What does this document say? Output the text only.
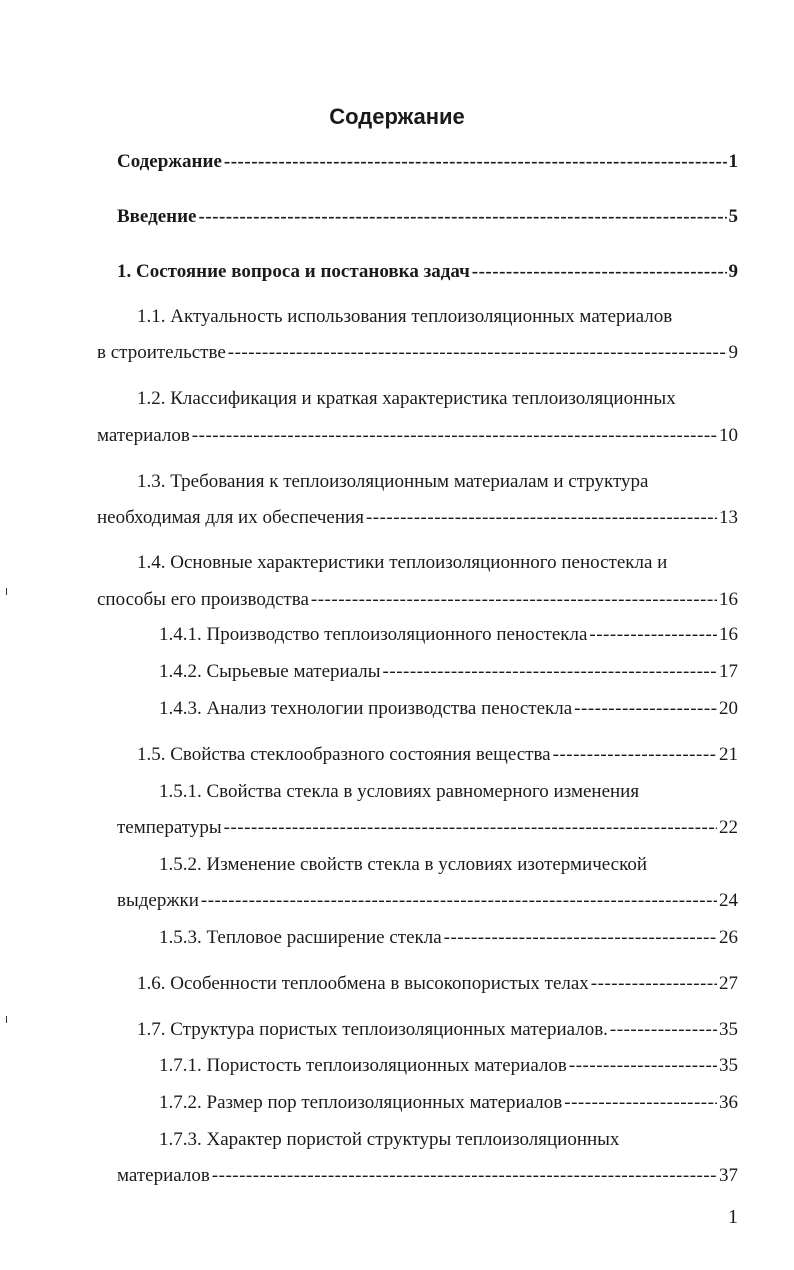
Содержание
Содержание -----	1
Введение -----	5
1. Состояние вопроса и постановка задач -----	9
1.1. Актуальность использования теплоизоляционных материалов
в строительстве -----	9
1.2. Классификация и краткая характеристика теплоизоляционных
материалов -----	10
1.3. Требования к теплоизоляционным материалам и структура
необходимая для их обеспечения -----	13
1.4. Основные характеристики теплоизоляционного пеностекла и
способы его производства -----	16
1.4.1. Производство теплоизоляционного пеностекла -----	16
1.4.2. Сырьевые материалы -----	17
1.4.3. Анализ технологии производства пеностекла -----	20
1.5. Свойства стеклообразного состояния вещества -----	21
1.5.1. Свойства стекла в условиях равномерного изменения
температуры -----	22
1.5.2. Изменение свойств стекла в условиях изотермической
выдержки -----	24
1.5.3. Тепловое расширение стекла -----	26
1.6. Особенности теплообмена в высокопористых телах -----	27
1.7. Структура пористых теплоизоляционных материалов. -----	35
1.7.1. Пористость теплоизоляционных материалов -----	35
1.7.2. Размер пор теплоизоляционных материалов -----	36
1.7.3. Характер пористой структуры теплоизоляционных
материалов -----	37
1
